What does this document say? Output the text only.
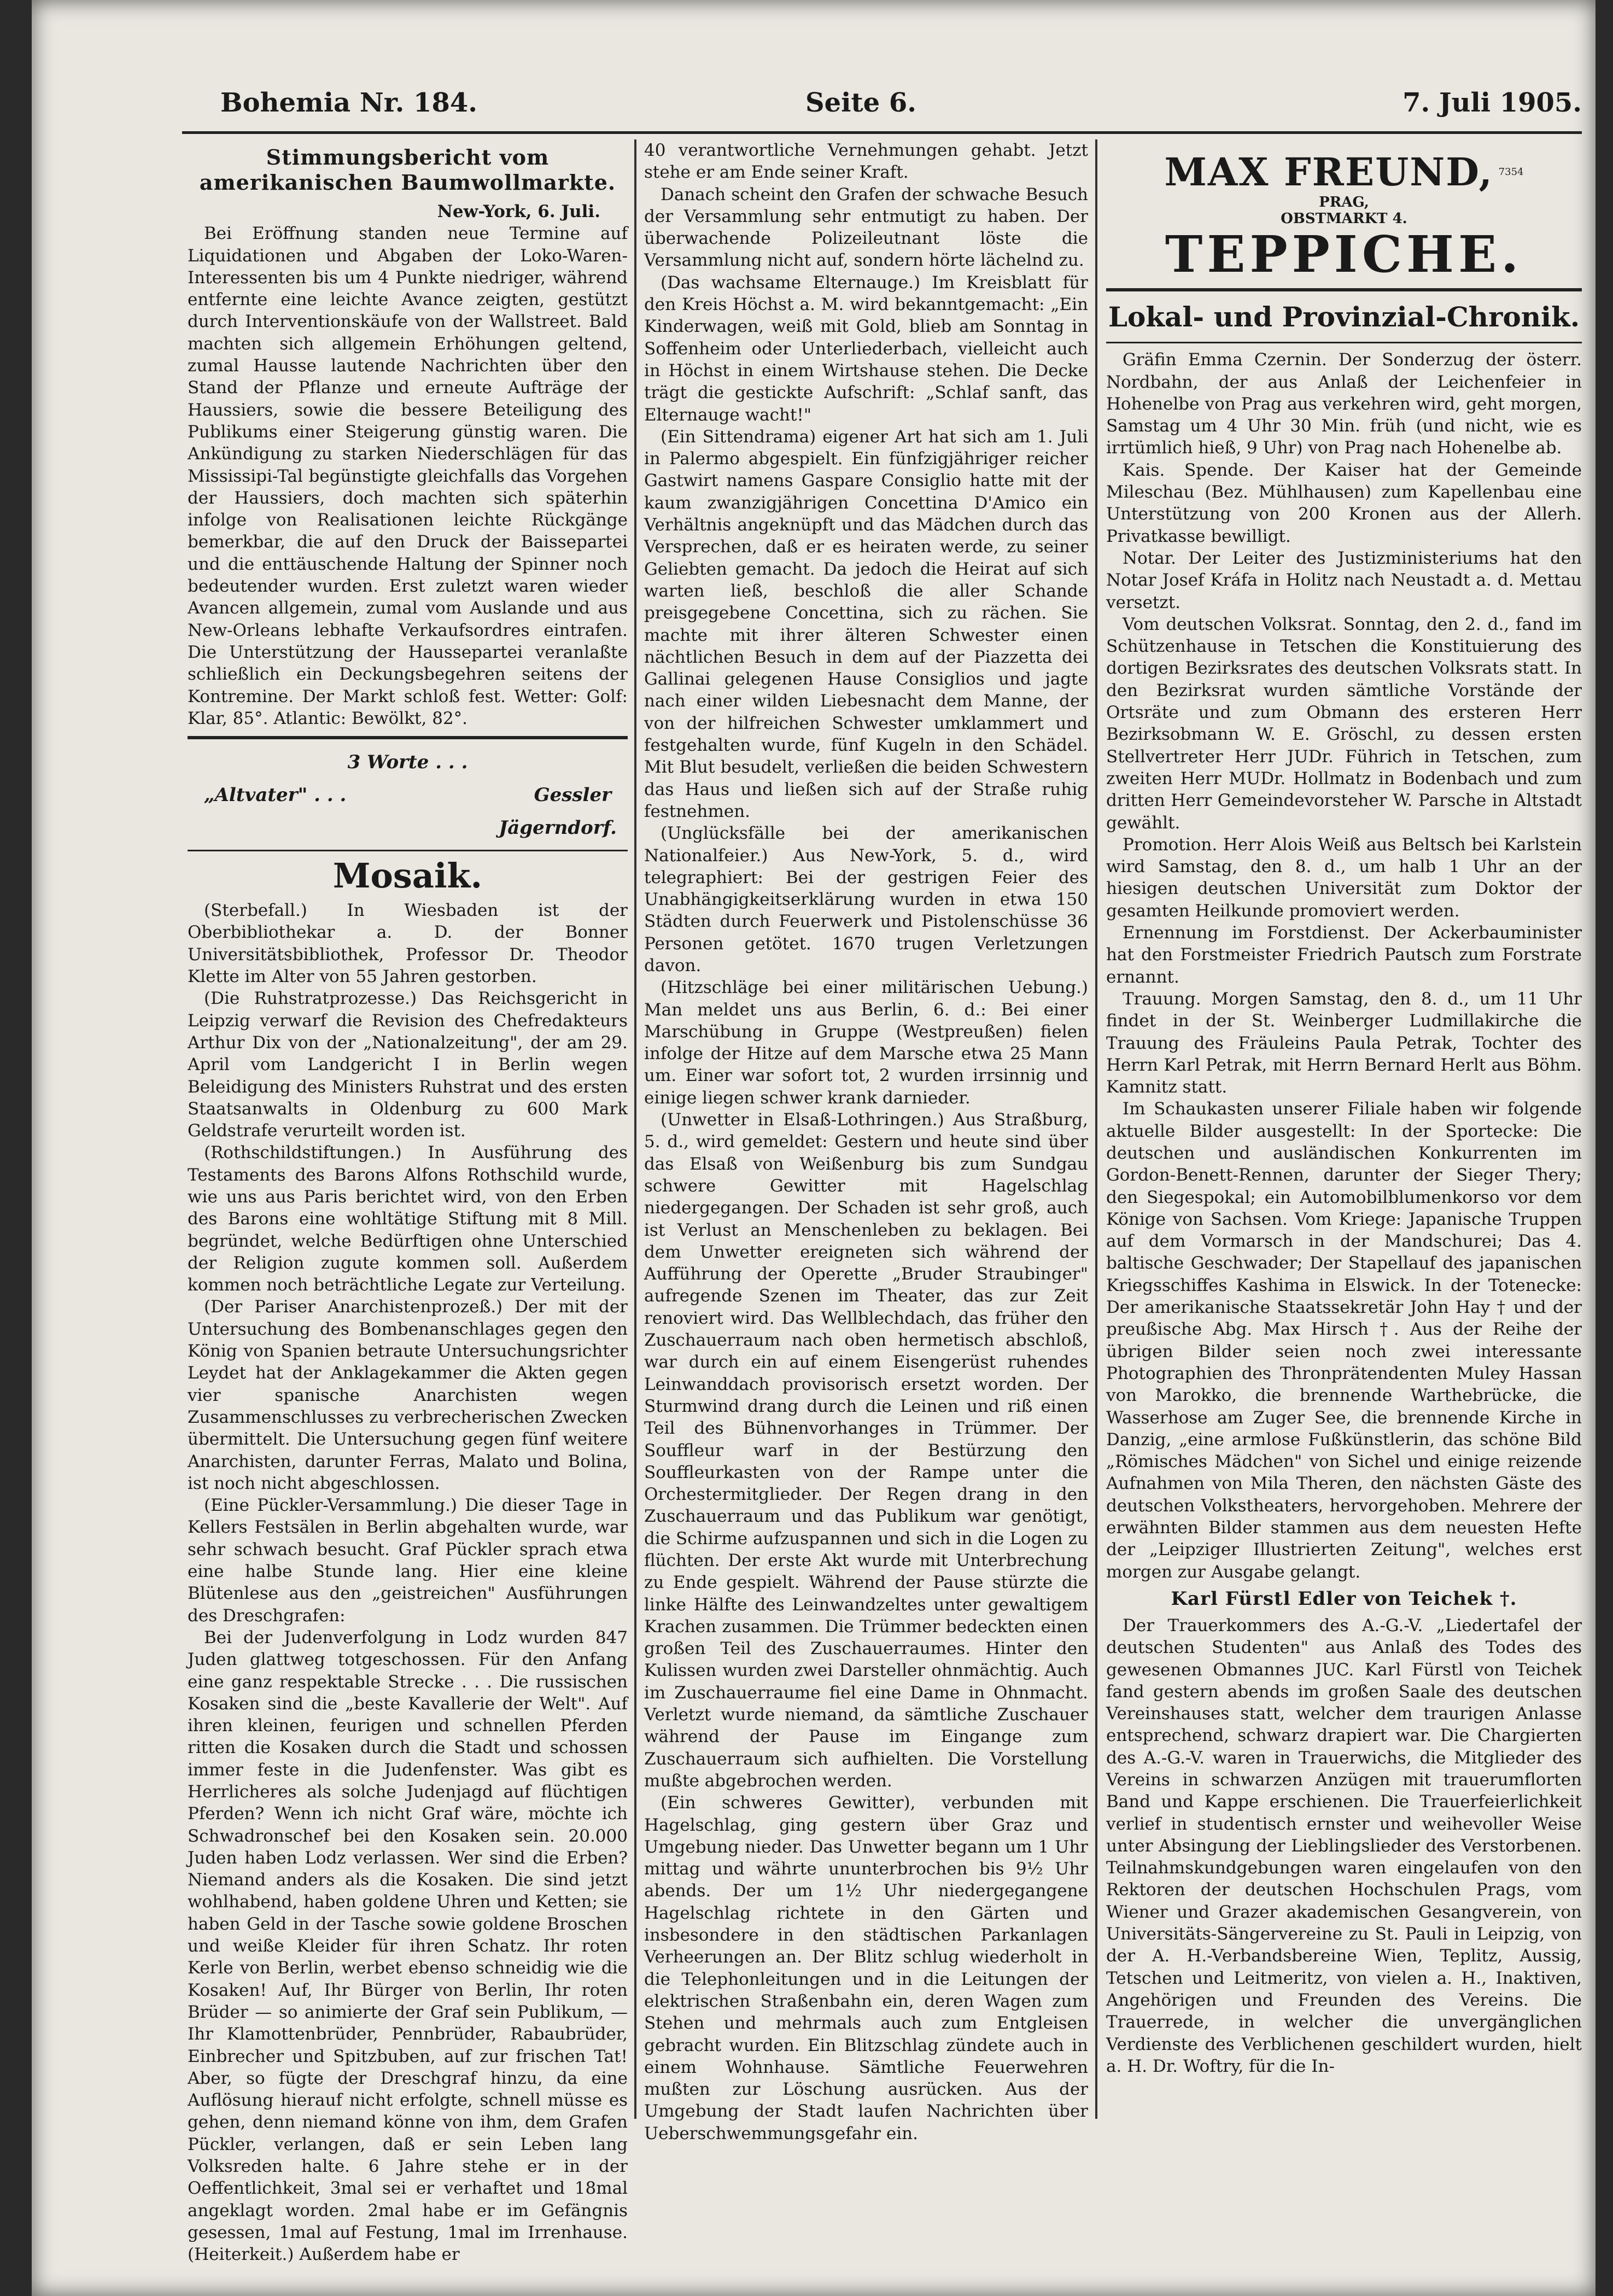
Bohemia Nr. 184.	Seite 6.	7. Juli 1905.
Stimmungsbericht vom amerikanischen Baumwollmarkte.
New-York, 6. Juli.

Bei Eröffnung standen neue Termine auf Liquidationen und Abgaben der Loko-Waren-Interessenten bis um 4 Punkte niedriger, während entfernte eine leichte Avance zeigten, gestützt durch Interventionskäufe von der Wallstreet. Bald machten sich allgemein Erhöhungen geltend, zumal Hausse lautende Nachrichten über den Stand der Pflanze und erneute Aufträge der Haussiers, sowie die bessere Beteiligung des Publikums einer Steigerung günstig waren. Die Ankündigung zu starken Niederschlägen für das Mississipi-Tal begünstigte gleichfalls das Vorgehen der Haussiers, doch machten sich späterhin infolge von Realisationen leichte Rückgänge bemerkbar, die auf den Druck der Baissepartei und die enttäuschende Haltung der Spinner noch bedeutender wurden. Erst zuletzt waren wieder Avancen allgemein, zumal vom Auslande und aus New-Orleans lebhafte Verkaufsordres eintrafen. Die Unterstützung der Haussepartei veranlaßte schließlich ein Deckungsbegehren seitens der Kontremine. Der Markt schloß fest. Wetter: Golf: Klar, 85°. Atlantic: Bewölkt, 82°.

3 Worte . . .
„Altvater" . . .	Gessler
Jägerndorf.
Mosaik.

(Sterbefall.) In Wiesbaden ist der Oberbibliothekar a. D. der Bonner Universitätsbibliothek, Professor Dr. Theodor Klette im Alter von 55 Jahren gestorben.

(Die Ruhstratprozesse.) Das Reichsgericht in Leipzig verwarf die Revision des Chefredakteurs Arthur Dix von der „Nationalzeitung", der am 29. April vom Landgericht I in Berlin wegen Beleidigung des Ministers Ruhstrat und des ersten Staatsanwalts in Oldenburg zu 600 Mark Geldstrafe verurteilt worden ist.

(Rothschildstiftungen.) In Ausführung des Testaments des Barons Alfons Rothschild wurde, wie uns aus Paris berichtet wird, von den Erben des Barons eine wohltätige Stiftung mit 8 Mill. begründet, welche Bedürftigen ohne Unterschied der Religion zugute kommen soll. Außerdem kommen noch beträchtliche Legate zur Verteilung.

(Der Pariser Anarchistenprozeß.) Der mit der Untersuchung des Bombenanschlages gegen den König von Spanien betraute Untersuchungsrichter Leydet hat der Anklagekammer die Akten gegen vier spanische Anarchisten wegen Zusammenschlusses zu verbrecherischen Zwecken übermittelt. Die Untersuchung gegen fünf weitere Anarchisten, darunter Ferras, Malato und Bolina, ist noch nicht abgeschlossen.

(Eine Pückler-Versammlung.) Die dieser Tage in Kellers Festsälen in Berlin abgehalten wurde, war sehr schwach besucht. Graf Pückler sprach etwa eine halbe Stunde lang. Hier eine kleine Blütenlese aus den „geistreichen" Ausführungen des Dreschgrafen:

Bei der Judenverfolgung in Lodz wurden 847 Juden glattweg totgeschossen. Für den Anfang eine ganz respektable Strecke . . . Die russischen Kosaken sind die „beste Kavallerie der Welt". Auf ihren kleinen, feurigen und schnellen Pferden ritten die Kosaken durch die Stadt und schossen immer feste in die Judenfenster. Was gibt es Herrlicheres als solche Judenjagd auf flüchtigen Pferden? Wenn ich nicht Graf wäre, möchte ich Schwadronschef bei den Kosaken sein. 20.000 Juden haben Lodz verlassen. Wer sind die Erben? Niemand anders als die Kosaken. Die sind jetzt wohlhabend, haben goldene Uhren und Ketten; sie haben Geld in der Tasche sowie goldene Broschen und weiße Kleider für ihren Schatz. Ihr roten Kerle von Berlin, werbet ebenso schneidig wie die Kosaken! Auf, Ihr Bürger von Berlin, Ihr roten Brüder — so animierte der Graf sein Publikum, — Ihr Klamottenbrüder, Pennbrüder, Rabaubrüder, Einbrecher und Spitzbuben, auf zur frischen Tat! Aber, so fügte der Dreschgraf hinzu, da eine Auflösung hierauf nicht erfolgte, schnell müsse es gehen, denn niemand könne von ihm, dem Grafen Pückler, verlangen, daß er sein Leben lang Volksreden halte. 6 Jahre stehe er in der Oeffentlichkeit, 3mal sei er verhaftet und 18mal angeklagt worden. 2mal habe er im Gefängnis gesessen, 1mal auf Festung, 1mal im Irrenhause. (Heiterkeit.) Außerdem habe er

40 verantwortliche Vernehmungen gehabt. Jetzt stehe er am Ende seiner Kraft.

Danach scheint den Grafen der schwache Besuch der Versammlung sehr entmutigt zu haben. Der überwachende Polizeileutnant löste die Versammlung nicht auf, sondern hörte lächelnd zu.

(Das wachsame Elternauge.) Im Kreisblatt für den Kreis Höchst a. M. wird bekanntgemacht: „Ein Kinderwagen, weiß mit Gold, blieb am Sonntag in Soffenheim oder Unterliederbach, vielleicht auch in Höchst in einem Wirtshause stehen. Die Decke trägt die gestickte Aufschrift: „Schlaf sanft, das Elternauge wacht!"

(Ein Sittendrama) eigener Art hat sich am 1. Juli in Palermo abgespielt. Ein fünfzigjähriger reicher Gastwirt namens Gaspare Consiglio hatte mit der kaum zwanzigjährigen Concettina D'Amico ein Verhältnis angeknüpft und das Mädchen durch das Versprechen, daß er es heiraten werde, zu seiner Geliebten gemacht. Da jedoch die Heirat auf sich warten ließ, beschloß die aller Schande preisgegebene Concettina, sich zu rächen. Sie machte mit ihrer älteren Schwester einen nächtlichen Besuch in dem auf der Piazzetta dei Gallinai gelegenen Hause Consiglios und jagte nach einer wilden Liebesnacht dem Manne, der von der hilfreichen Schwester umklammert und festgehalten wurde, fünf Kugeln in den Schädel. Mit Blut besudelt, verließen die beiden Schwestern das Haus und ließen sich auf der Straße ruhig festnehmen.

(Unglücksfälle bei der amerikanischen Nationalfeier.) Aus New-York, 5. d., wird telegraphiert: Bei der gestrigen Feier des Unabhängigkeitserklärung wurden in etwa 150 Städten durch Feuerwerk und Pistolenschüsse 36 Personen getötet. 1670 trugen Verletzungen davon.

(Hitzschläge bei einer militärischen Uebung.) Man meldet uns aus Berlin, 6. d.: Bei einer Marschübung in Gruppe (Westpreußen) fielen infolge der Hitze auf dem Marsche etwa 25 Mann um. Einer war sofort tot, 2 wurden irrsinnig und einige liegen schwer krank darnieder.

(Unwetter in Elsaß-Lothringen.) Aus Straßburg, 5. d., wird gemeldet: Gestern und heute sind über das Elsaß von Weißenburg bis zum Sundgau schwere Gewitter mit Hagelschlag niedergegangen. Der Schaden ist sehr groß, auch ist Verlust an Menschenleben zu beklagen. Bei dem Unwetter ereigneten sich während der Aufführung der Operette „Bruder Straubinger" aufregende Szenen im Theater, das zur Zeit renoviert wird. Das Wellblechdach, das früher den Zuschauerraum nach oben hermetisch abschloß, war durch ein auf einem Eisengerüst ruhendes Leinwanddach provisorisch ersetzt worden. Der Sturmwind drang durch die Leinen und riß einen Teil des Bühnenvorhanges in Trümmer. Der Souffleur warf in der Bestürzung den Souffleurkasten von der Rampe unter die Orchestermitglieder. Der Regen drang in den Zuschauerraum und das Publikum war genötigt, die Schirme aufzuspannen und sich in die Logen zu flüchten. Der erste Akt wurde mit Unterbrechung zu Ende gespielt. Während der Pause stürzte die linke Hälfte des Leinwandzeltes unter gewaltigem Krachen zusammen. Die Trümmer bedeckten einen großen Teil des Zuschauerraumes. Hinter den Kulissen wurden zwei Darsteller ohnmächtig. Auch im Zuschauerraume fiel eine Dame in Ohnmacht. Verletzt wurde niemand, da sämtliche Zuschauer während der Pause im Eingange zum Zuschauerraum sich aufhielten. Die Vorstellung mußte abgebrochen werden.

(Ein schweres Gewitter), verbunden mit Hagelschlag, ging gestern über Graz und Umgebung nieder. Das Unwetter begann um 1 Uhr mittag und währte ununterbrochen bis 9½ Uhr abends. Der um 1½ Uhr niedergegangene Hagelschlag richtete in den Gärten und insbesondere in den städtischen Parkanlagen Verheerungen an. Der Blitz schlug wiederholt in die Telephonleitungen und in die Leitungen der elektrischen Straßenbahn ein, deren Wagen zum Stehen und mehrmals auch zum Entgleisen gebracht wurden. Ein Blitzschlag zündete auch in einem Wohnhause. Sämtliche Feuerwehren mußten zur Löschung ausrücken. Aus der Umgebung der Stadt laufen Nachrichten über Ueberschwemmungsgefahr ein.

MAX FREUND, $^{7354}$ PRAG,
OBSTMARKT 4.
TEPPICHE.
Lokal- und Provinzial-Chronik.

Gräfin Emma Czernin. Der Sonderzug der österr. Nordbahn, der aus Anlaß der Leichenfeier in Hohenelbe von Prag aus verkehren wird, geht morgen, Samstag um 4 Uhr 30 Min. früh (und nicht, wie es irrtümlich hieß, 9 Uhr) von Prag nach Hohenelbe ab.

Kais. Spende. Der Kaiser hat der Gemeinde Mileschau (Bez. Mühlhausen) zum Kapellenbau eine Unterstützung von 200 Kronen aus der Allerh. Privatkasse bewilligt.

Notar. Der Leiter des Justizministeriums hat den Notar Josef Kráfa in Holitz nach Neustadt a. d. Mettau versetzt.

Vom deutschen Volksrat. Sonntag, den 2. d., fand im Schützenhause in Tetschen die Konstituierung des dortigen Bezirksrates des deutschen Volksrats statt. In den Bezirksrat wurden sämtliche Vorstände der Ortsräte und zum Obmann des ersteren Herr Bezirksobmann W. E. Gröschl, zu dessen ersten Stellvertreter Herr JUDr. Führich in Tetschen, zum zweiten Herr MUDr. Hollmatz in Bodenbach und zum dritten Herr Gemeindevorsteher W. Parsche in Altstadt gewählt.

Promotion. Herr Alois Weiß aus Beltsch bei Karlstein wird Samstag, den 8. d., um halb 1 Uhr an der hiesigen deutschen Universität zum Doktor der gesamten Heilkunde promoviert werden.

Ernennung im Forstdienst. Der Ackerbauminister hat den Forstmeister Friedrich Pautsch zum Forstrate ernannt.

Trauung. Morgen Samstag, den 8. d., um 11 Uhr findet in der St. Weinberger Ludmillakirche die Trauung des Fräuleins Paula Petrak, Tochter des Herrn Karl Petrak, mit Herrn Bernard Herlt aus Böhm. Kamnitz statt.

Im Schaukasten unserer Filiale haben wir folgende aktuelle Bilder ausgestellt: In der Sportecke: Die deutschen und ausländischen Konkurrenten im Gordon-Benett-Rennen, darunter der Sieger Thery; den Siegespokal; ein Automobilblumenkorso vor dem Könige von Sachsen. Vom Kriege: Japanische Truppen auf dem Vormarsch in der Mandschurei; Das 4. baltische Geschwader; Der Stapellauf des japanischen Kriegsschiffes Kashima in Elswick. In der Totenecke: Der amerikanische Staatssekretär John Hay † und der preußische Abg. Max Hirsch †. Aus der Reihe der übrigen Bilder seien noch zwei interessante Photographien des Thronprätendenten Muley Hassan von Marokko, die brennende Warthebrücke, die Wasserhose am Zuger See, die brennende Kirche in Danzig, „eine armlose Fußkünstlerin, das schöne Bild „Römisches Mädchen" von Sichel und einige reizende Aufnahmen von Mila Theren, den nächsten Gäste des deutschen Volkstheaters, hervorgehoben. Mehrere der erwähnten Bilder stammen aus dem neuesten Hefte der „Leipziger Illustrierten Zeitung", welches erst morgen zur Ausgabe gelangt.

Karl Fürstl Edler von Teichek †.

Der Trauerkommers des A.-G.-V. „Liedertafel der deutschen Studenten" aus Anlaß des Todes des gewesenen Obmannes JUC. Karl Fürstl von Teichek fand gestern abends im großen Saale des deutschen Vereinshauses statt, welcher dem traurigen Anlasse entsprechend, schwarz drapiert war. Die Chargierten des A.-G.-V. waren in Trauerwichs, die Mitglieder des Vereins in schwarzen Anzügen mit trauerumflorten Band und Kappe erschienen. Die Trauerfeierlichkeit verlief in studentisch ernster und weihevoller Weise unter Absingung der Lieblingslieder des Verstorbenen. Teilnahmskundgebungen waren eingelaufen von den Rektoren der deutschen Hochschulen Prags, vom Wiener und Grazer akademischen Gesangverein, von Universitäts-Sängervereine zu St. Pauli in Leipzig, von der A. H.-Verbandsbereine Wien, Teplitz, Aussig, Tetschen und Leitmeritz, von vielen a. H., Inaktiven, Angehörigen und Freunden des Vereins. Die Trauerrede, in welcher die unvergänglichen Verdienste des Verblichenen geschildert wurden, hielt a. H. Dr. Woftry, für die In-
